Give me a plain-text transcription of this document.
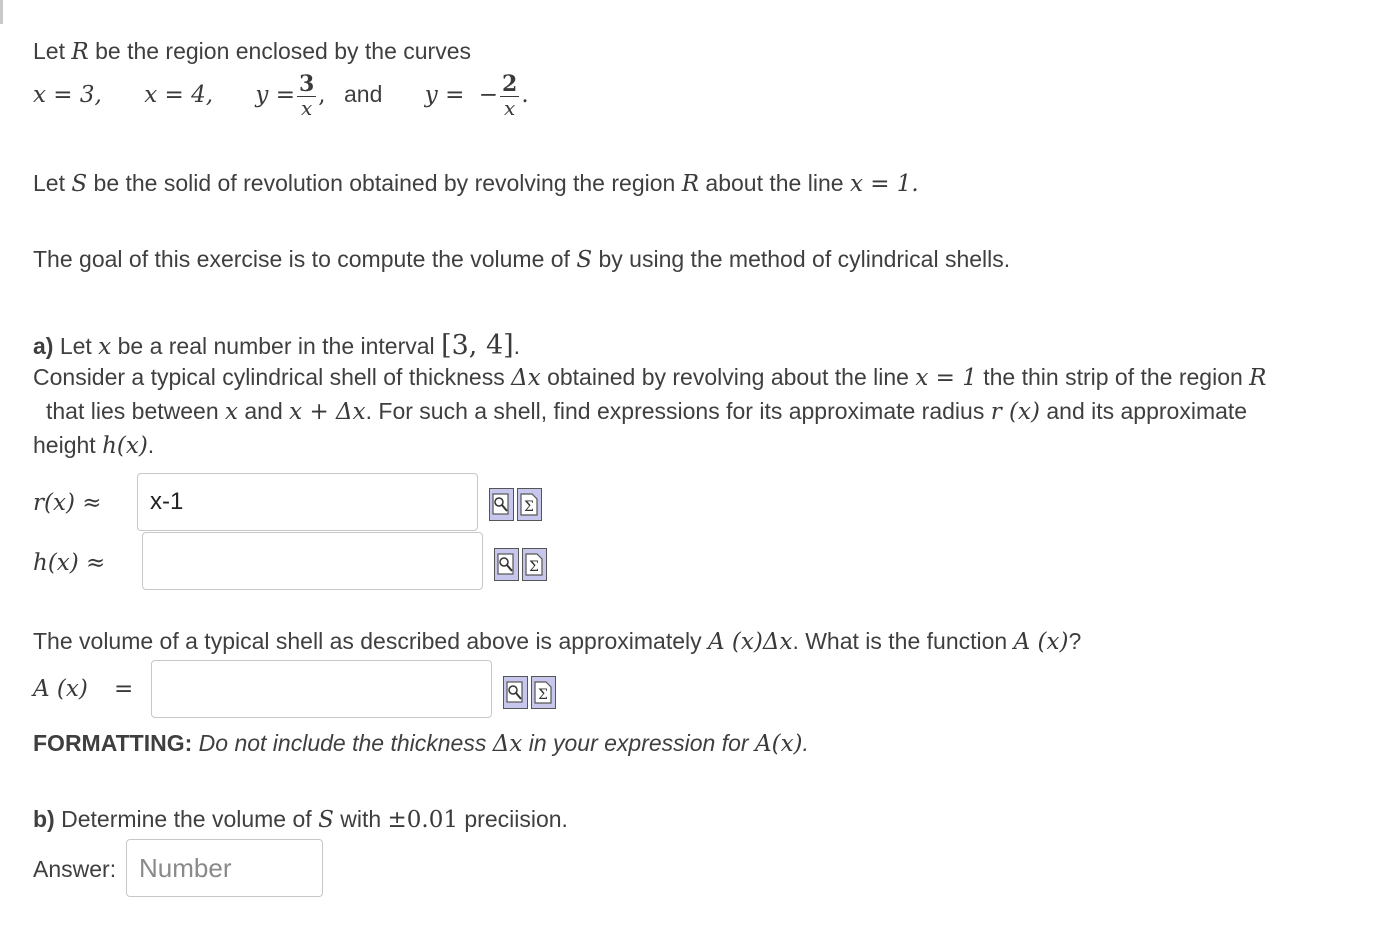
Let R be the region enclosed by the curves
x = 3, x = 4, $y = \frac{3}{x}$ , and y = − $\frac{2}{x}$ .
Let S be the solid of revolution obtained by revolving the region R about the line x = 1.
The goal of this exercise is to compute the volume of S by using the method of cylindrical shells.
a) Let x be a real number in the interval [3, 4].
Consider a typical cylindrical shell of thickness Δx obtained by revolving about the line x = 1 the thin strip of the region R
that lies between x and x + Δx. For such a shell, find expressions for its approximate radius r (x) and its approximate
height h(x).
r(x) ≈	x-1	Σ
h(x) ≈	Σ
The volume of a typical shell as described above is approximately A (x)Δx. What is the function A (x)?
A (x) =	Σ
FORMATTING: Do not include the thickness Δx in your expression for A(x).
b) Determine the volume of S with ±0.01 preciision.
Answer: Number
